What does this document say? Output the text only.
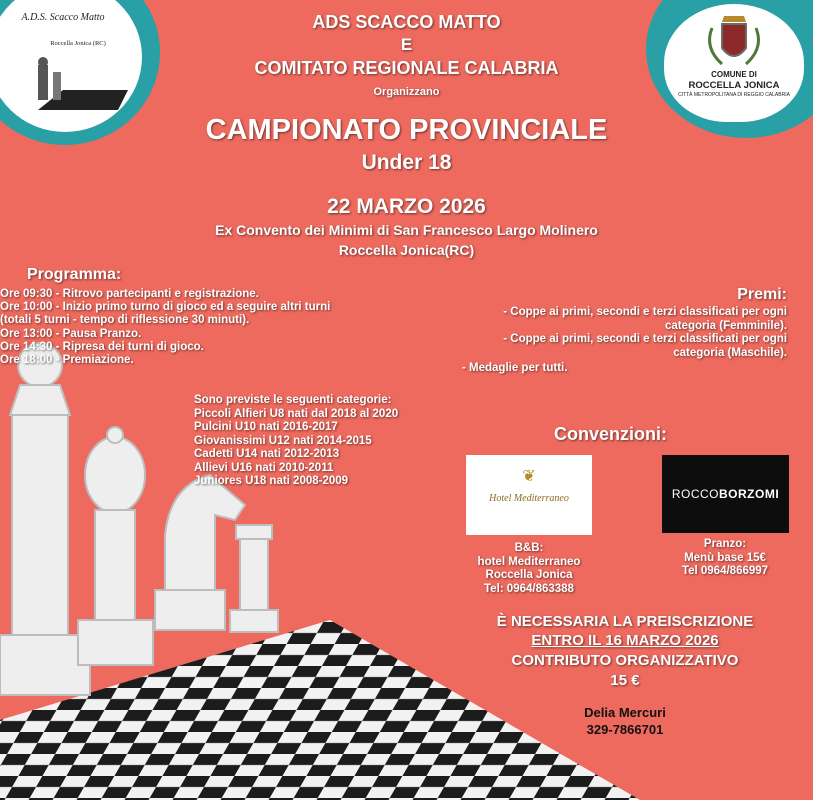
A.D.S. Scacco Matto
Roccella Jonica (RC)
COMUNE DI
ROCCELLA JONICA
CITTÀ METROPOLITANA DI REGGIO CALABRIA
ADS SCACCO MATTO
E
COMITATO REGIONALE CALABRIA
Organizzano
CAMPIONATO PROVINCIALE
Under 18
22 MARZO 2026
Ex Convento dei Minimi di San Francesco Largo Molinero
Roccella Jonica(RC)
Programma:

Ore 09:30 - Ritrovo partecipanti e registrazione.

Ore 10:00 - Inizio primo turno di gioco ed a seguire altri turni

(totali 5 turni - tempo di riflessione 30 minuti).

Ore 13:00 - Pausa Pranzo.

Ore 14:30 - Ripresa dei turni di gioco.

Ore 18:00 - Premiazione.

Sono previste le seguenti categorie:

Piccoli Alfieri U8 nati dal 2018 al 2020

Pulcini U10 nati 2016-2017

Giovanissimi U12 nati 2014-2015

Cadetti U14 nati 2012-2013

Allievi U16 nati 2010-2011

Juniores U18 nati 2008-2009

Premi:

- Coppe ai primi, secondi e terzi classificati per ogni

categoria (Femminile).

- Coppe ai primi, secondi e terzi classificati per ogni

categoria (Maschile).

- Medaglie per tutti.
Convenzioni:
❦
Hotel Mediterraneo

B&B:

hotel Mediterraneo

Roccella Jonica

Tel: 0964/863388

ROCCOBORZOMI

Pranzo:

Menù base 15€

Tel 0964/866997

È NECESSARIA LA PREISCRIZIONE
ENTRO IL 16 MARZO 2026
CONTRIBUTO ORGANIZZATIVO
15 €
Delia Mercuri
329-7866701
